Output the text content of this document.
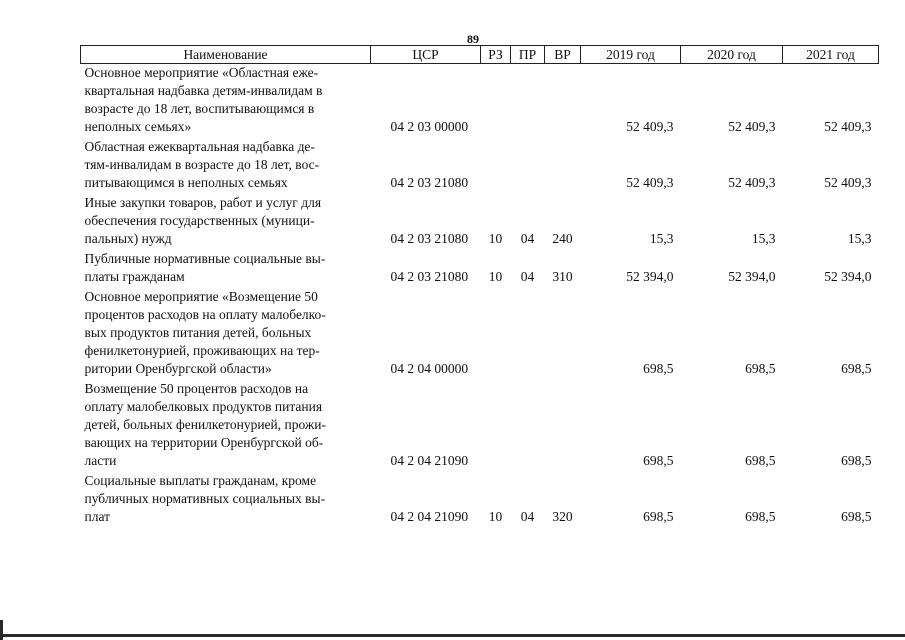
89
Наименование	ЦСР	РЗ	ПР	ВР	2019 год	2020 год	2021 год
Основное мероприятие «Областная еже-
квартальная надбавка детям-инвалидам в
возрасте до 18 лет, воспитывающимся в
неполных семьях»	04 2 03 00000				52 409,3	52 409,3	52 409,3
Областная ежеквартальная надбавка де-
тям-инвалидам в возрасте до 18 лет, вос-
питывающимся в неполных семьях	04 2 03 21080				52 409,3	52 409,3	52 409,3
Иные закупки товаров, работ и услуг для
обеспечения государственных (муници-
пальных) нужд	04 2 03 21080	10	04	240	15,3	15,3	15,3
Публичные нормативные социальные вы-
платы гражданам	04 2 03 21080	10	04	310	52 394,0	52 394,0	52 394,0
Основное мероприятие «Возмещение 50
процентов расходов на оплату малобелко-
вых продуктов питания детей, больных
фенилкетонурией, проживающих на тер-
ритории Оренбургской области»	04 2 04 00000				698,5	698,5	698,5
Возмещение 50 процентов расходов на
оплату малобелковых продуктов питания
детей, больных фенилкетонурией, прожи-
вающих на территории Оренбургской об-
ласти	04 2 04 21090				698,5	698,5	698,5
Социальные выплаты гражданам, кроме
публичных нормативных социальных вы-
плат	04 2 04 21090	10	04	320	698,5	698,5	698,5
